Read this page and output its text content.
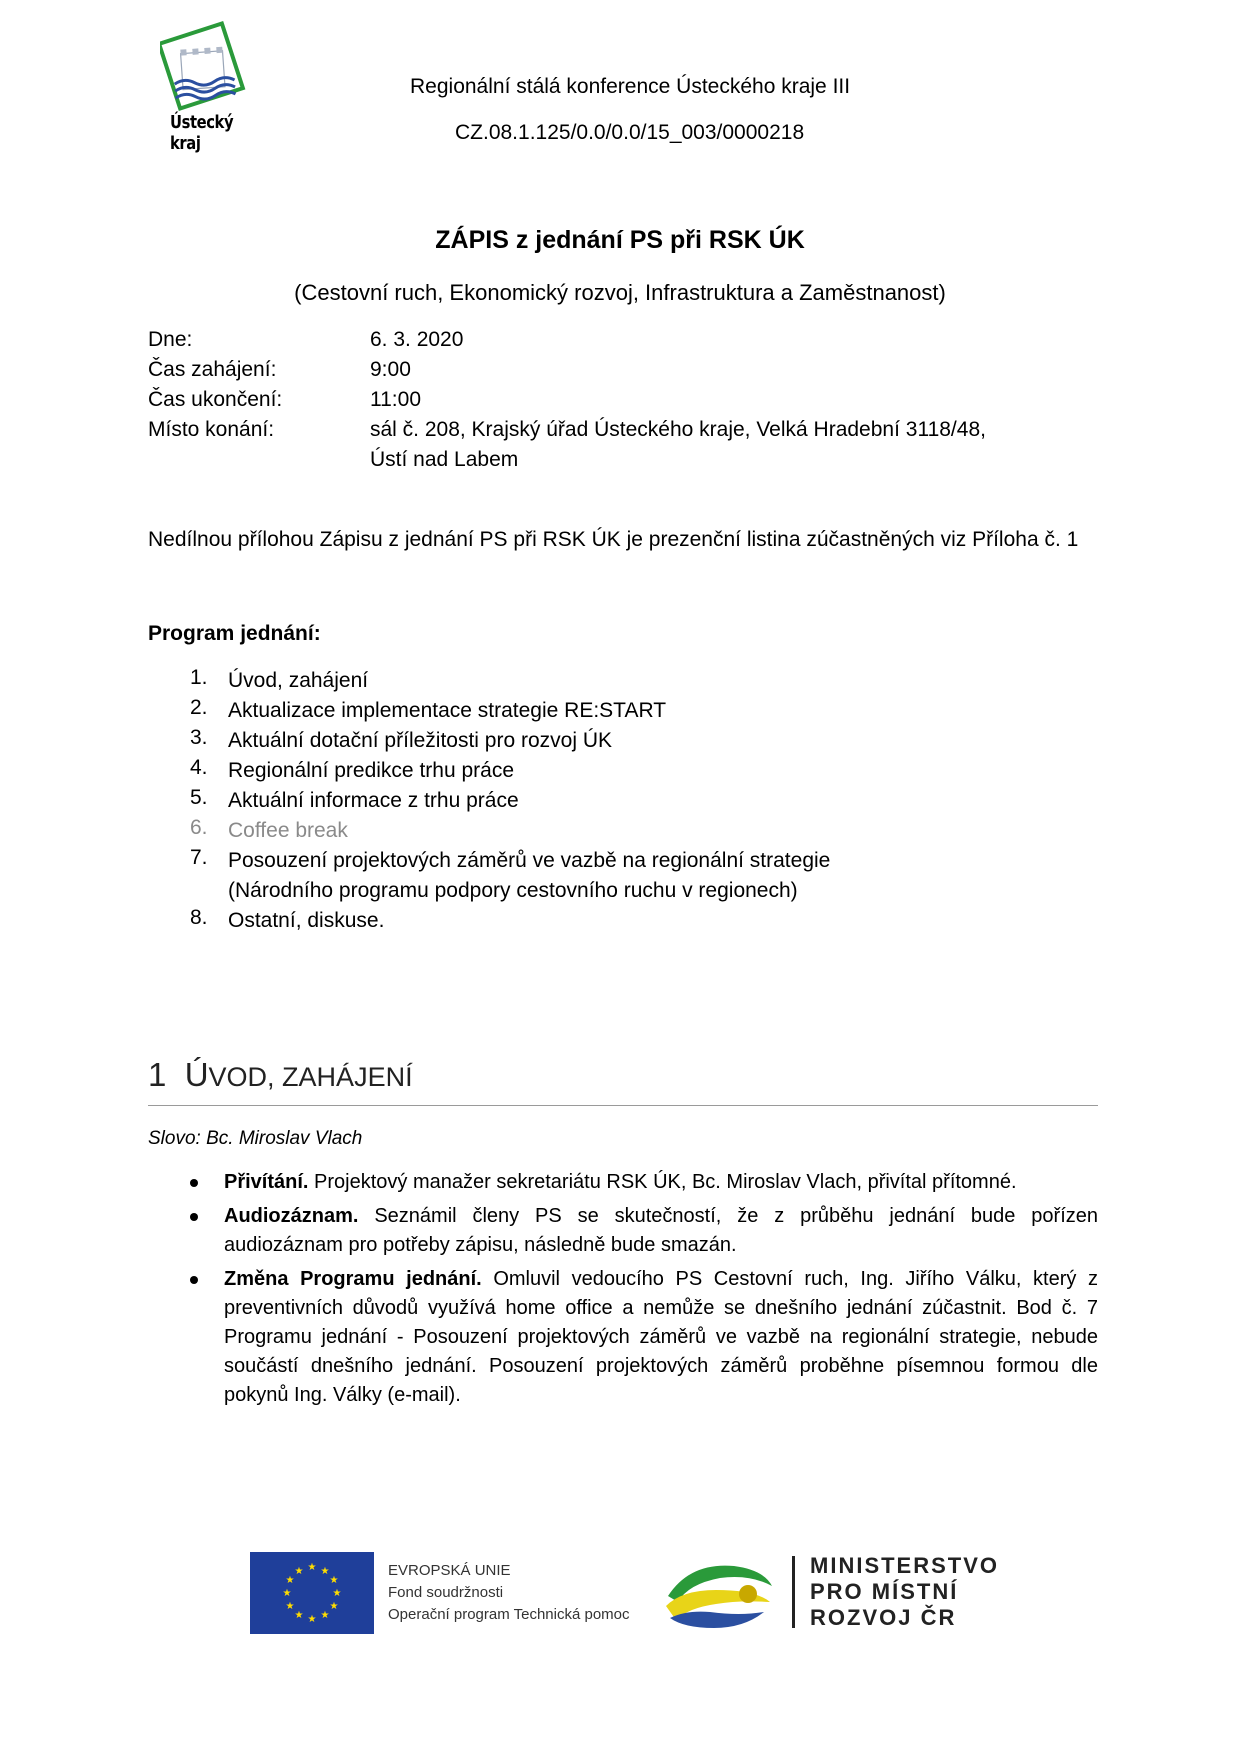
Ústecký kraj
Regionální stálá konference Ústeckého kraje III
CZ.08.1.125/0.0/0.0/15_003/0000218
ZÁPIS z jednání PS při RSK ÚK
(Cestovní ruch, Ekonomický rozvoj, Infrastruktura a Zaměstnanost)
Dne:	6. 3. 2020
Čas zahájení:	9:00
Čas ukončení:	11:00
Místo konání:	sál č. 208, Krajský úřad Ústeckého kraje, Velká Hradební 3118/48,
Ústí nad Labem
Nedílnou přílohou Zápisu z jednání PS při RSK ÚK je prezenční listina zúčastněných viz Příloha č. 1
Program jednání:
1. Úvod, zahájení
2. Aktualizace implementace strategie RE:START
3. Aktuální dotační příležitosti pro rozvoj ÚK
4. Regionální predikce trhu práce
5. Aktuální informace z trhu práce
6. Coffee break
7. Posouzení projektových záměrů ve vazbě na regionální strategie
(Národního programu podpory cestovního ruchu v regionech)
8. Ostatní, diskuse.
1 ÚVOD, ZAHÁJENÍ
Slovo: Bc. Miroslav Vlach
Přivítání. Projektový manažer sekretariátu RSK ÚK, Bc. Miroslav Vlach, přivítal přítomné.
Audiozáznam. Seznámil členy PS se skutečností, že z průběhu jednání bude pořízen audiozáznam pro potřeby zápisu, následně bude smazán.
Změna Programu jednání. Omluvil vedoucího PS Cestovní ruch, Ing. Jiřího Válku, který z preventivních důvodů využívá home office a nemůže se dnešního jednání zúčastnit. Bod č. 7 Programu jednání - Posouzení projektových záměrů ve vazbě na regionální strategie, nebude součástí dnešního jednání. Posouzení projektových záměrů proběhne písemnou formou dle pokynů Ing. Války (e-mail).
★ ★
★
★
★
★
★
★
★
★
★
★	EVROPSKÁ UNIE
Fond soudržnosti
Operační program Technická pomoc
MINISTERSTVO
PRO MÍSTNÍ
ROZVOJ ČR
